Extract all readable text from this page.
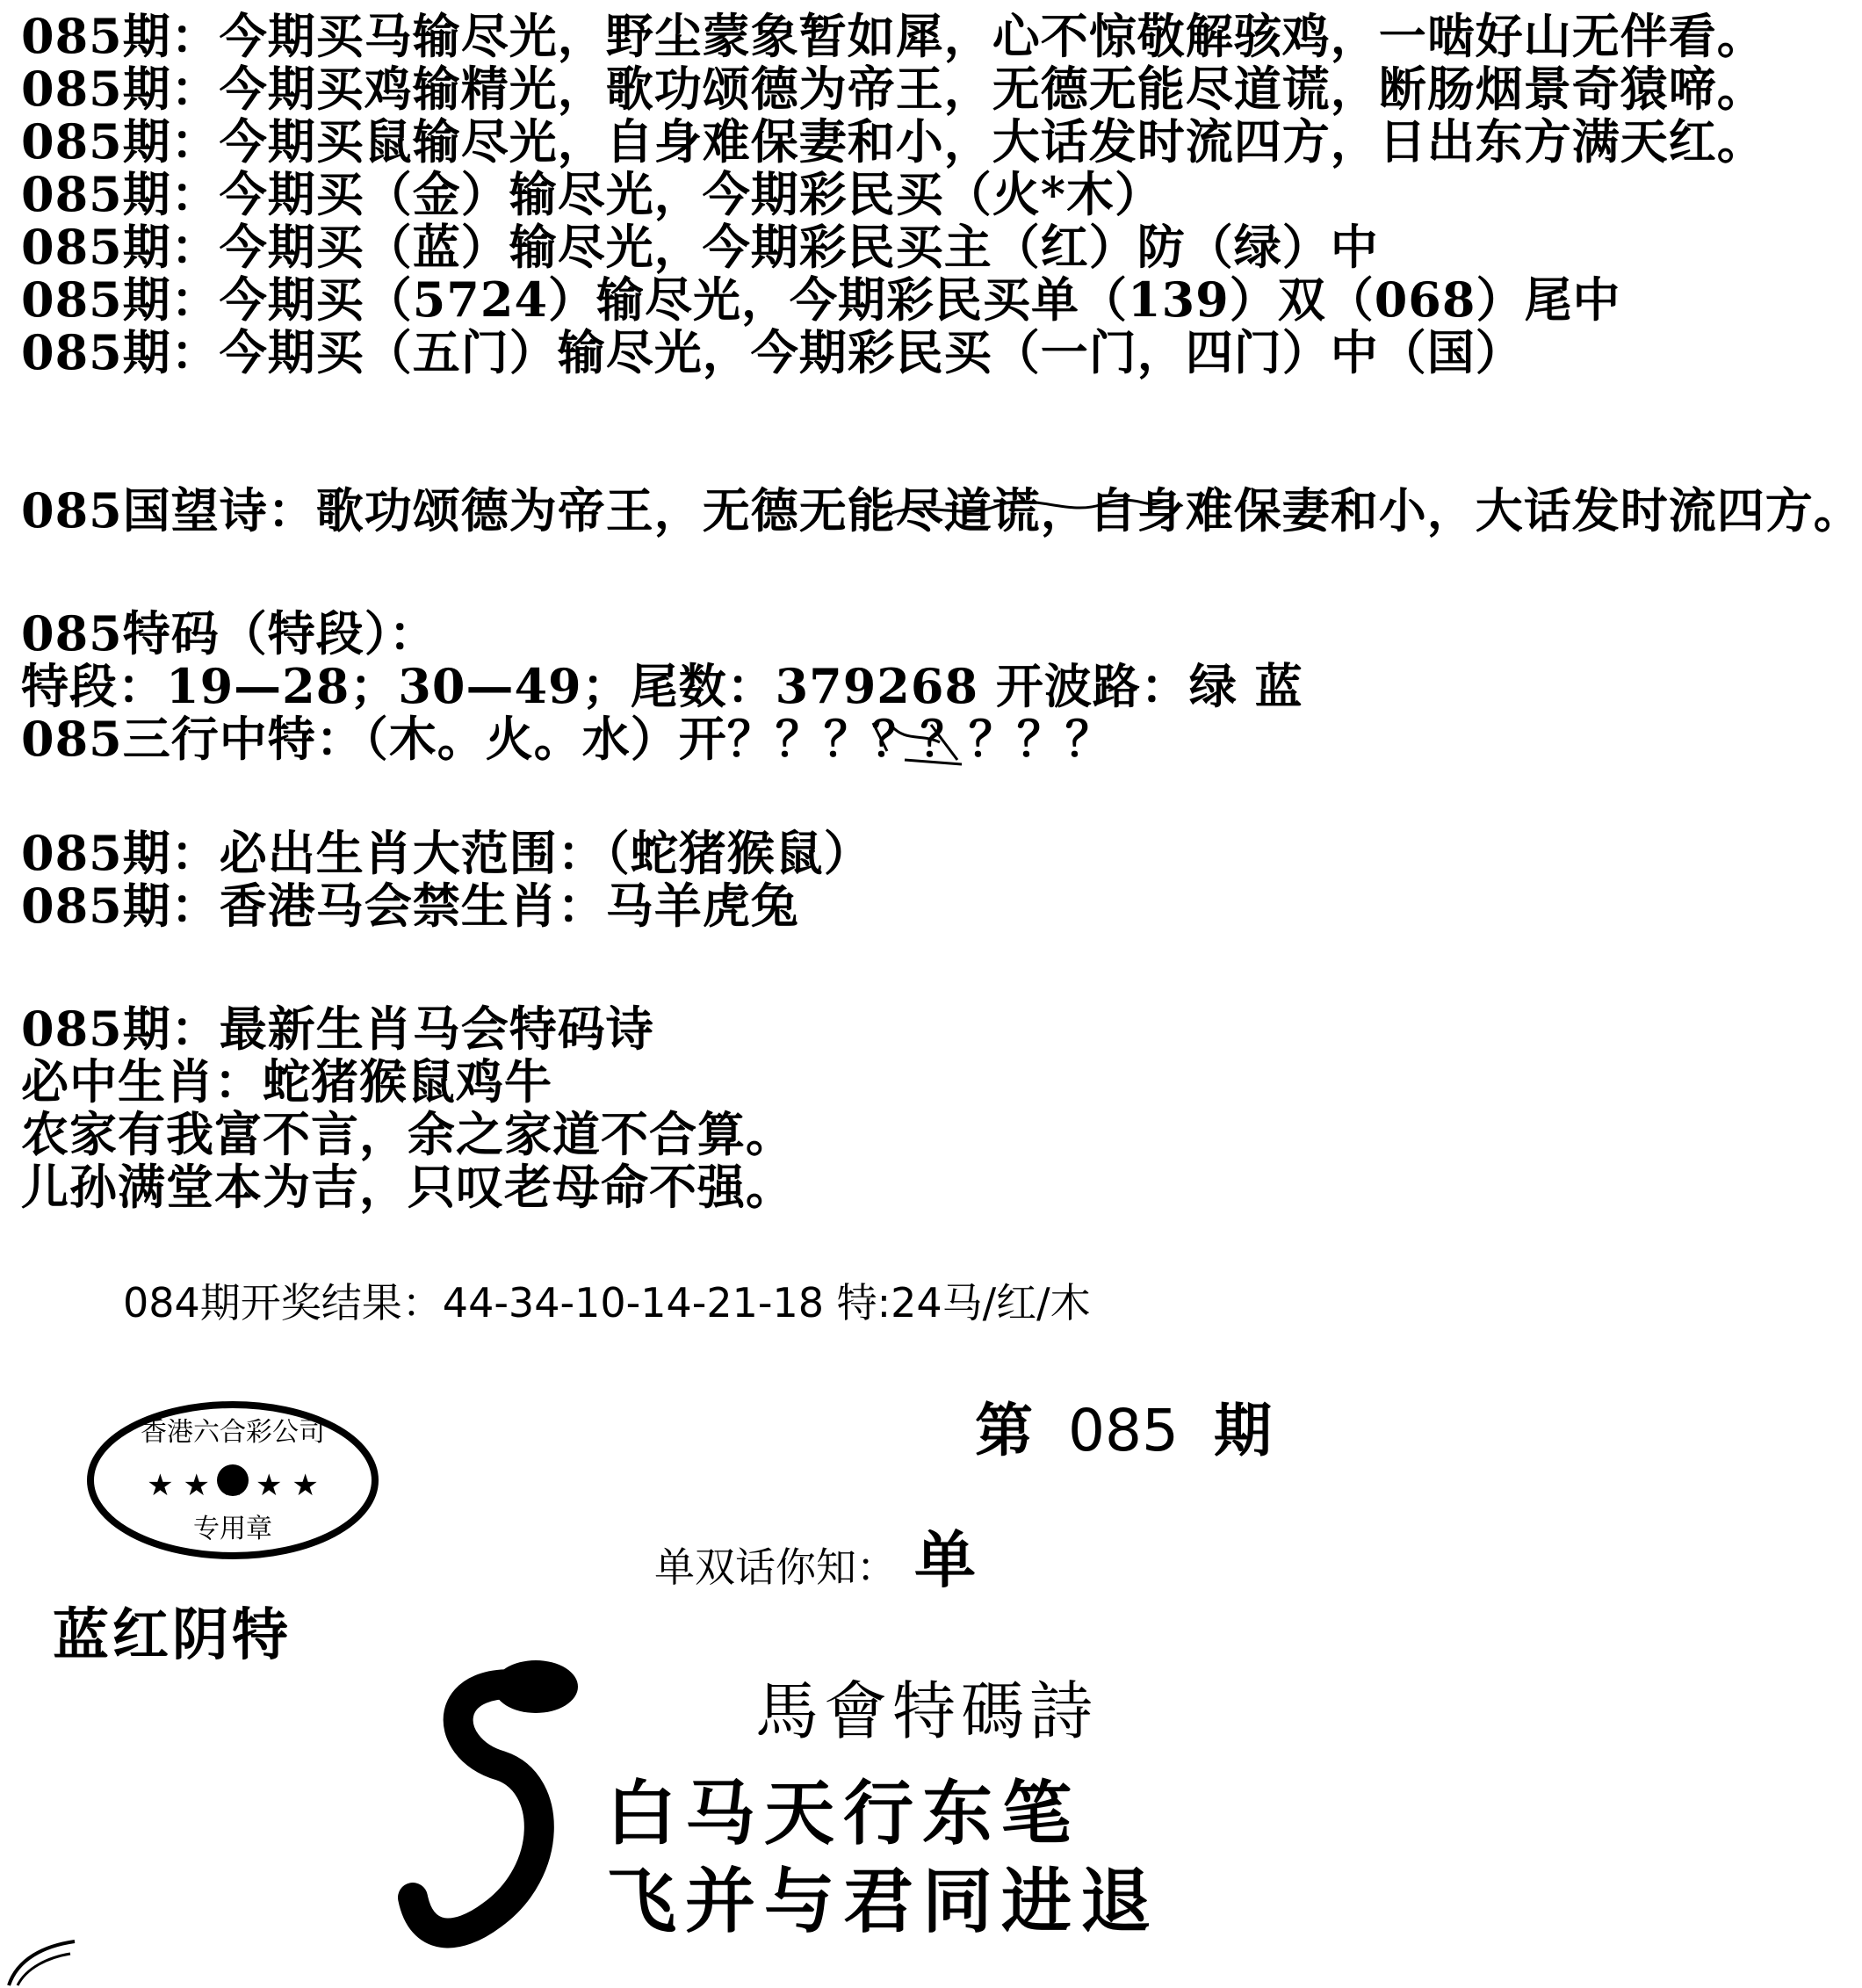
085期：今期买马输尽光，野尘蒙象暂如犀，心不惊敬解骇鸡，一啮好山无伴看。
085期：今期买鸡输精光，歌功颂德为帝王，无德无能尽道谎，断肠烟景奇猿啼。
085期：今期买鼠输尽光，自身难保妻和小，大话发时流四方，日出东方满天红。
085期：今期买（金）输尽光，今期彩民买（火*木）
085期：今期买（蓝）输尽光，今期彩民买主（红）防（绿）中
085期：今期买（5724）输尽光，今期彩民买单（139）双（068）尾中
085期：今期买（五门）输尽光，今期彩民买（一门，四门）中（国）
085国望诗：歌功颂德为帝王，无德无能尽道谎，自身难保妻和小，大话发时流四方。
085特码（特段）：
特段：19—28；30—49；尾数：379268 开波路：绿 蓝
085三行中特：（木。火。水）开？？？？？？？？
085期：必出生肖大范围：（蛇猪猴鼠）
085期：香港马会禁生肖：马羊虎兔
085期：最新生肖马会特码诗
必中生肖：蛇猪猴鼠鸡牛
农家有我富不言，余之家道不合算。
儿孙满堂本为吉，只叹老母命不强。
084期开奖结果：44-34-10-14-21-18 特:24马/红/木
第 085 期
香港六合彩公司
★ ★ ★ ★ ★
专用章
蓝红阴特
单双话你知： 单
馬會特碼詩
白马天行东笔
飞并与君同进退
